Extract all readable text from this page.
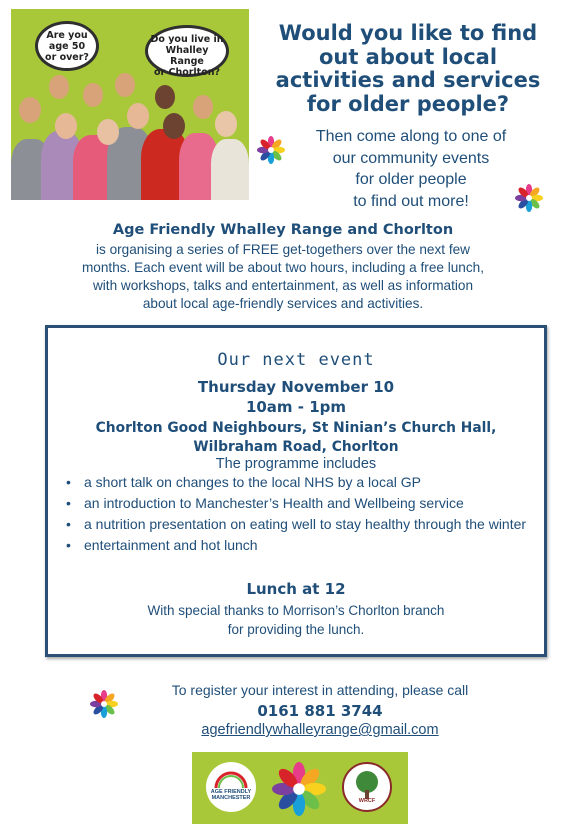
Are you
age 50
or over?
Do you live in
Whalley Range
or Chorlton?
Would you like to find
out about local
activities and services
for older people?
Then come along to one of
our community events
for older people
to find out more!
Age Friendly Whalley Range and Chorlton
is organising a series of FREE get-togethers over the next few
months. Each event will be about two hours, including a free lunch,
with workshops, talks and entertainment, as well as information
about local age-friendly services and activities.
Our next event
Thursday November 10
10am - 1pm
Chorlton Good Neighbours, St Ninian’s Church Hall,
Wilbraham Road, Chorlton
The programme includes
• a short talk on changes to the local NHS by a local GP
• an introduction to Manchester’s Health and Wellbeing service
• a nutrition presentation on eating well to stay healthy through the winter
• entertainment and hot lunch
Lunch at 12
With special thanks to Morrison’s Chorlton branch
for providing the lunch.
To register your interest in attending, please call
0161 881 3744
agefriendlywhalleyrange@gmail.com
AGE FRIENDLY
MANCHESTER	WRCF
